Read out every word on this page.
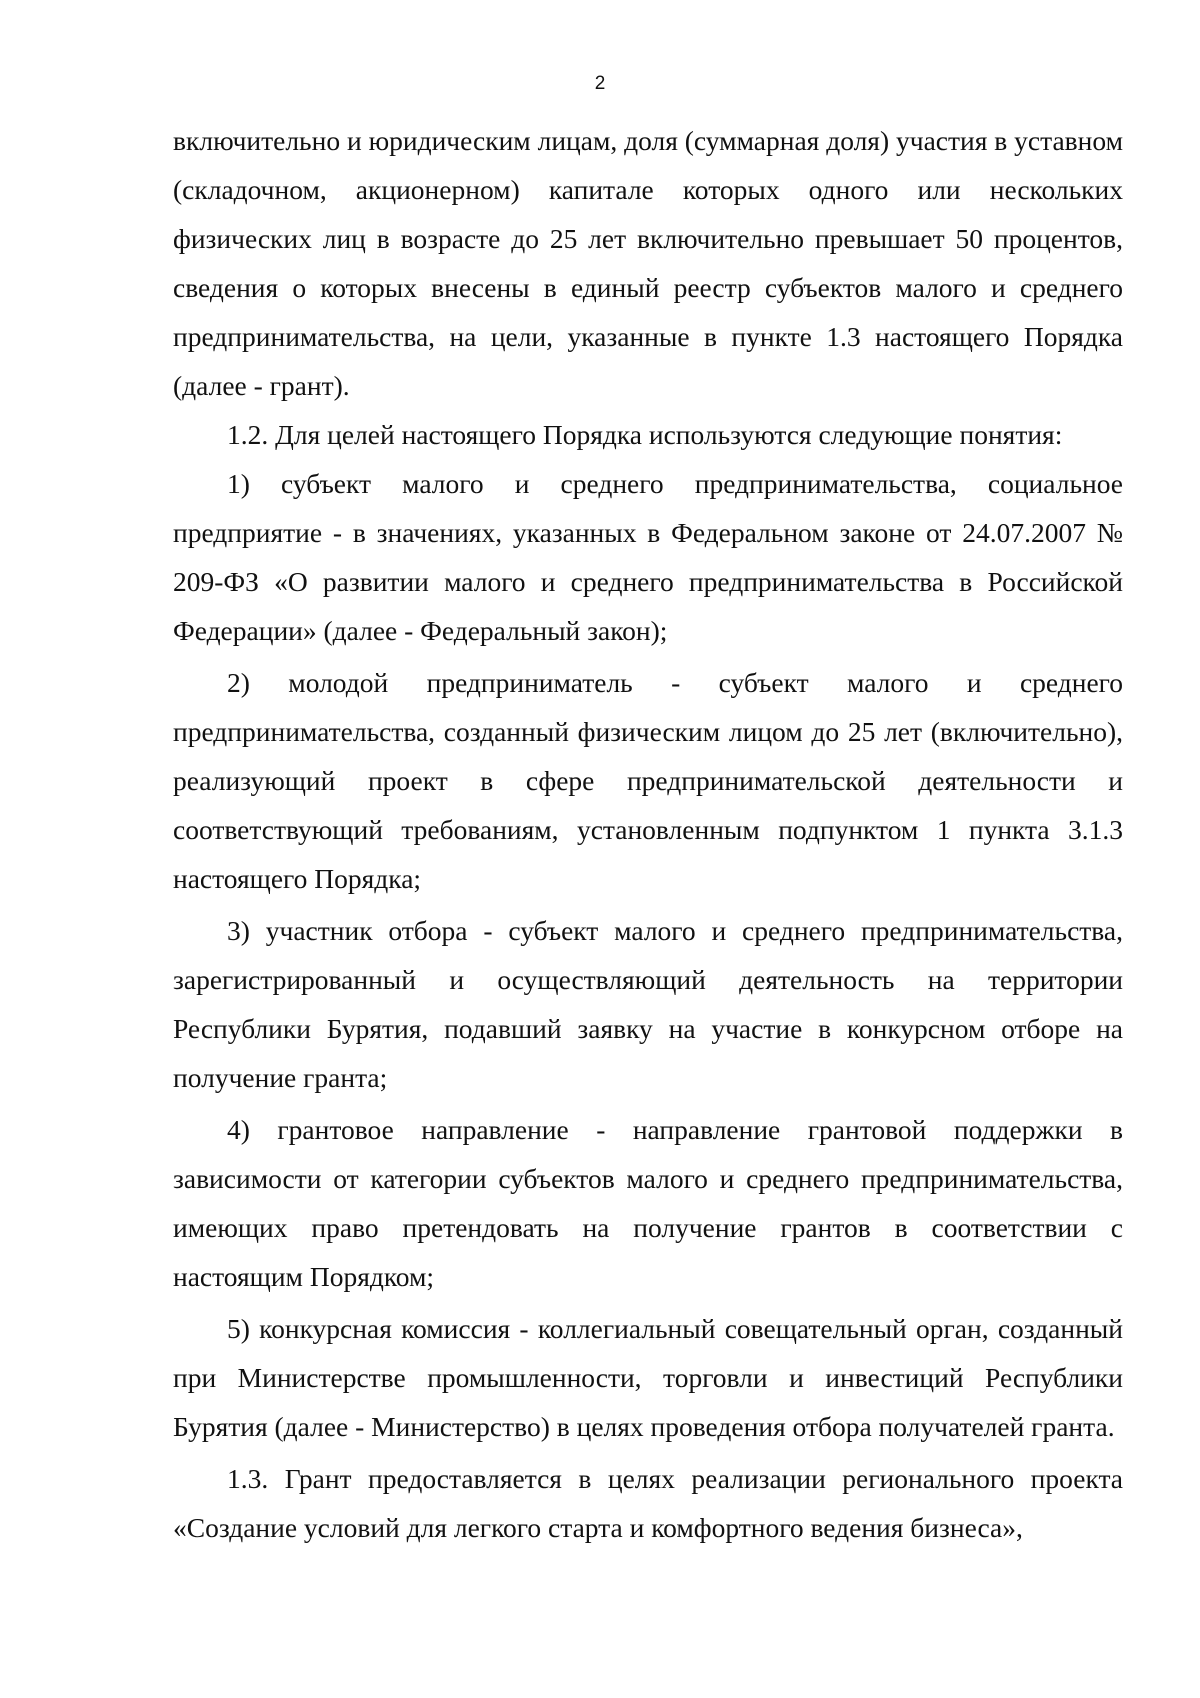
2

включительно и юридическим лицам, доля (суммарная доля) участия в уставном (складочном, акционерном) капитале которых одного или нескольких физических лиц в возрасте до 25 лет включительно превышает 50 процентов, сведения о которых внесены в единый реестр субъектов малого и среднего предпринимательства, на цели, указанные в пункте 1.3 настоящего Порядка (далее - грант).

1.2. Для целей настоящего Порядка используются следующие понятия:

1) субъект малого и среднего предпринимательства, социальное предприятие - в значениях, указанных в Федеральном законе от 24.07.2007 № 209-ФЗ «О развитии малого и среднего предпринимательства в Российской Федерации» (далее - Федеральный закон);

2) молодой предприниматель - субъект малого и среднего предпринимательства, созданный физическим лицом до 25 лет (включительно), реализующий проект в сфере предпринимательской деятельности и соответствующий требованиям, установленным подпунктом 1 пункта 3.1.3 настоящего Порядка;

3) участник отбора - субъект малого и среднего предпринимательства, зарегистрированный и осуществляющий деятельность на территории Республики Бурятия, подавший заявку на участие в конкурсном отборе на получение гранта;

4) грантовое направление - направление грантовой поддержки в зависимости от категории субъектов малого и среднего предпринимательства, имеющих право претендовать на получение грантов в соответствии с настоящим Порядком;

5) конкурсная комиссия - коллегиальный совещательный орган, созданный при Министерстве промышленности, торговли и инвестиций Республики Бурятия (далее - Министерство) в целях проведения отбора получателей гранта.

1.3. Грант предоставляется в целях реализации регионального проекта «Создание условий для легкого старта и комфортного ведения бизнеса»,
